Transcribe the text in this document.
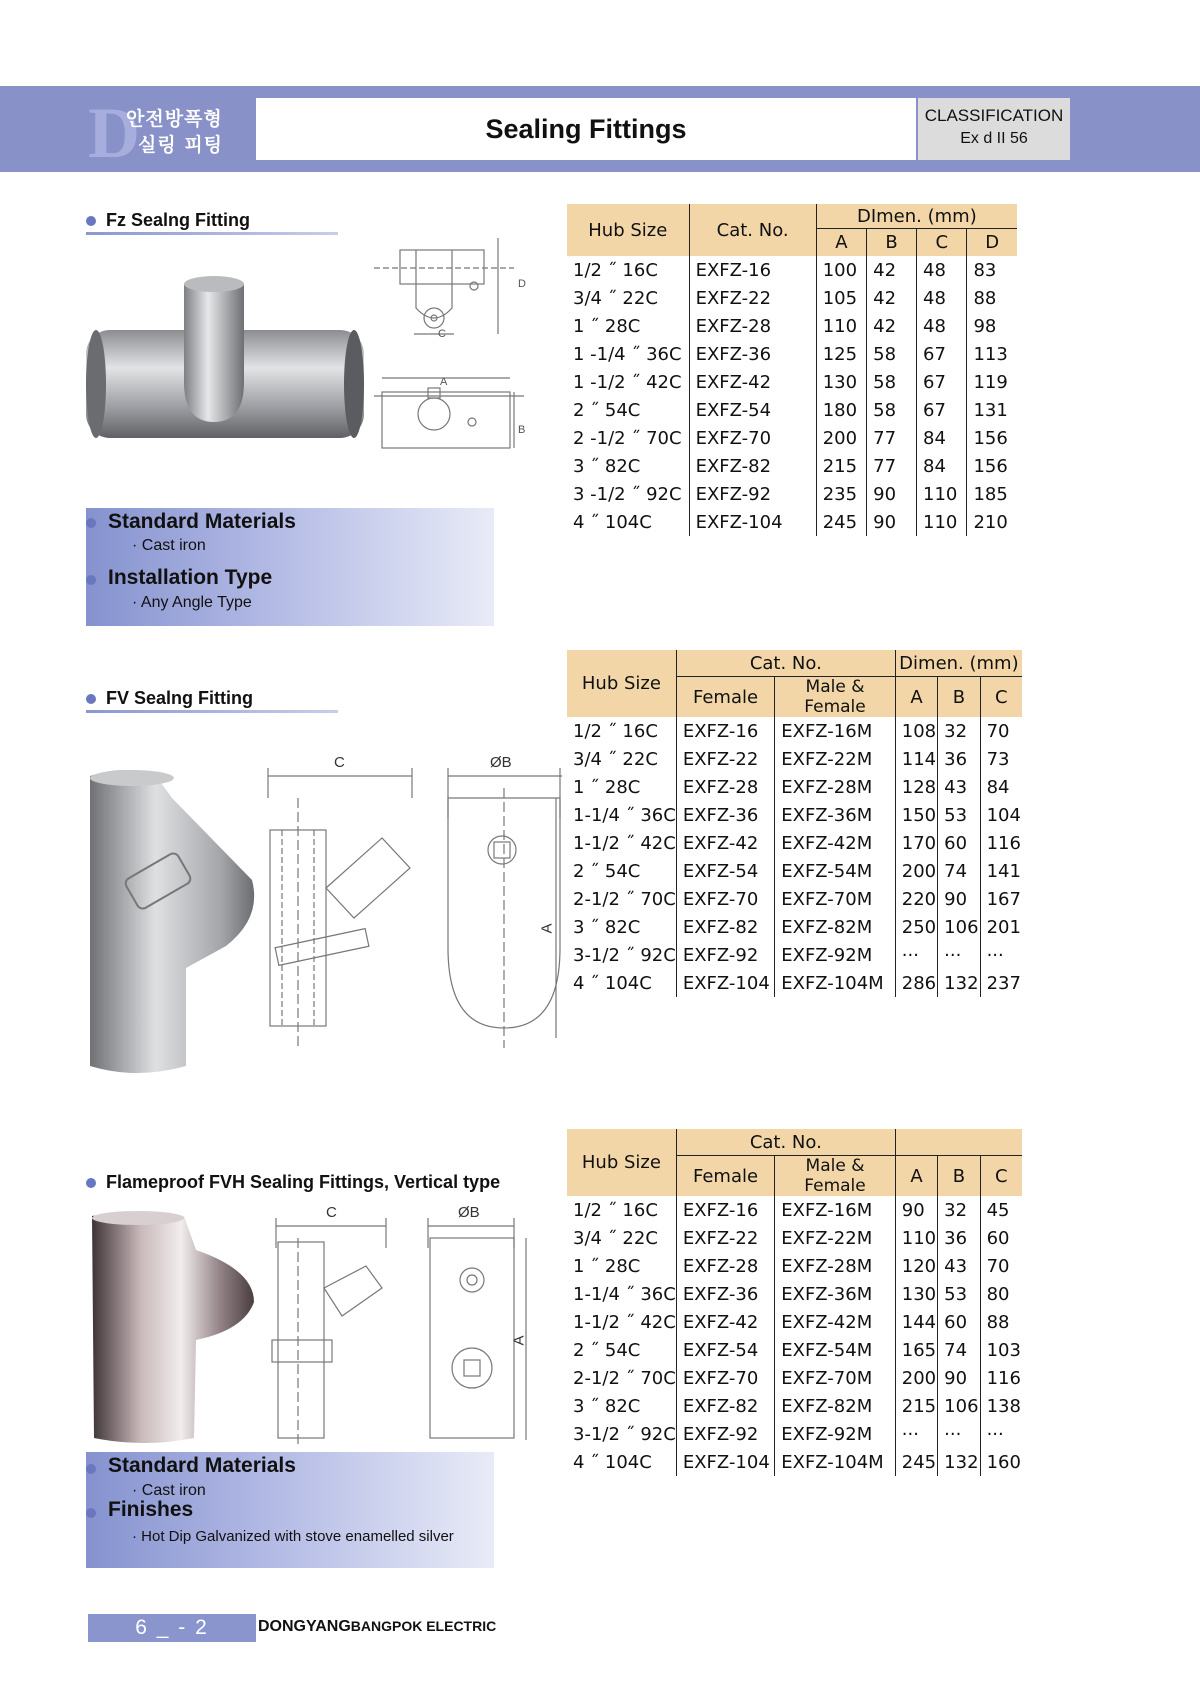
D
안전방폭형
실링 피팅
Sealing Fittings	CLASSIFICATION
Ex d II 56
Fz Sealng Fitting
C
D
A
B
Hub Size	Cat. No.	DImen. (mm)			
		A	B	C	D
1/2 ˝ 16C	EXFZ-16	100	42	48	83
3/4 ˝ 22C	EXFZ-22	105	42	48	88
1 ˝ 28C	EXFZ-28	110	42	48	98
1 -1/4 ˝ 36C	EXFZ-36	125	58	67	113
1 -1/2 ˝ 42C	EXFZ-42	130	58	67	119
2 ˝ 54C	EXFZ-54	180	58	67	131
2 -1/2 ˝ 70C	EXFZ-70	200	77	84	156
3 ˝ 82C	EXFZ-82	215	77	84	156
3 -1/2 ˝ 92C	EXFZ-92	235	90	110	185
4 ˝ 104C	EXFZ-104	245	90	110	210
Standard Materials
· Cast iron
Installation Type
· Any Angle Type
FV Sealng Fitting
C	ØB
A
Hub Size	Cat. No.		Dimen. (mm)		
	Female	Male & Female	A	B	C
1/2 ˝ 16C	EXFZ-16	EXFZ-16M	108	32	70
3/4 ˝ 22C	EXFZ-22	EXFZ-22M	114	36	73
1 ˝ 28C	EXFZ-28	EXFZ-28M	128	43	84
1-1/4 ˝ 36C	EXFZ-36	EXFZ-36M	150	53	104
1-1/2 ˝ 42C	EXFZ-42	EXFZ-42M	170	60	116
2 ˝ 54C	EXFZ-54	EXFZ-54M	200	74	141
2-1/2 ˝ 70C	EXFZ-70	EXFZ-70M	220	90	167
3 ˝ 82C	EXFZ-82	EXFZ-82M	250	106	201
3-1/2 ˝ 92C	EXFZ-92	EXFZ-92M	···	···	···
4 ˝ 104C	EXFZ-104	EXFZ-104M	286	132	237
Flameproof FVH Sealing Fittings, Vertical type
C	ØB
A
Hub Size	Cat. No.				
	Female	Male & Female	A	B	C
1/2 ˝ 16C	EXFZ-16	EXFZ-16M	90	32	45
3/4 ˝ 22C	EXFZ-22	EXFZ-22M	110	36	60
1 ˝ 28C	EXFZ-28	EXFZ-28M	120	43	70
1-1/4 ˝ 36C	EXFZ-36	EXFZ-36M	130	53	80
1-1/2 ˝ 42C	EXFZ-42	EXFZ-42M	144	60	88
2 ˝ 54C	EXFZ-54	EXFZ-54M	165	74	103
2-1/2 ˝ 70C	EXFZ-70	EXFZ-70M	200	90	116
3 ˝ 82C	EXFZ-82	EXFZ-82M	215	106	138
3-1/2 ˝ 92C	EXFZ-92	EXFZ-92M	···	···	···
4 ˝ 104C	EXFZ-104	EXFZ-104M	245	132	160
Standard Materials
· Cast iron
Finishes
· Hot Dip Galvanized with stove enamelled silver
6 _ - 2	DONGYANGBANGPOK ELECTRIC
